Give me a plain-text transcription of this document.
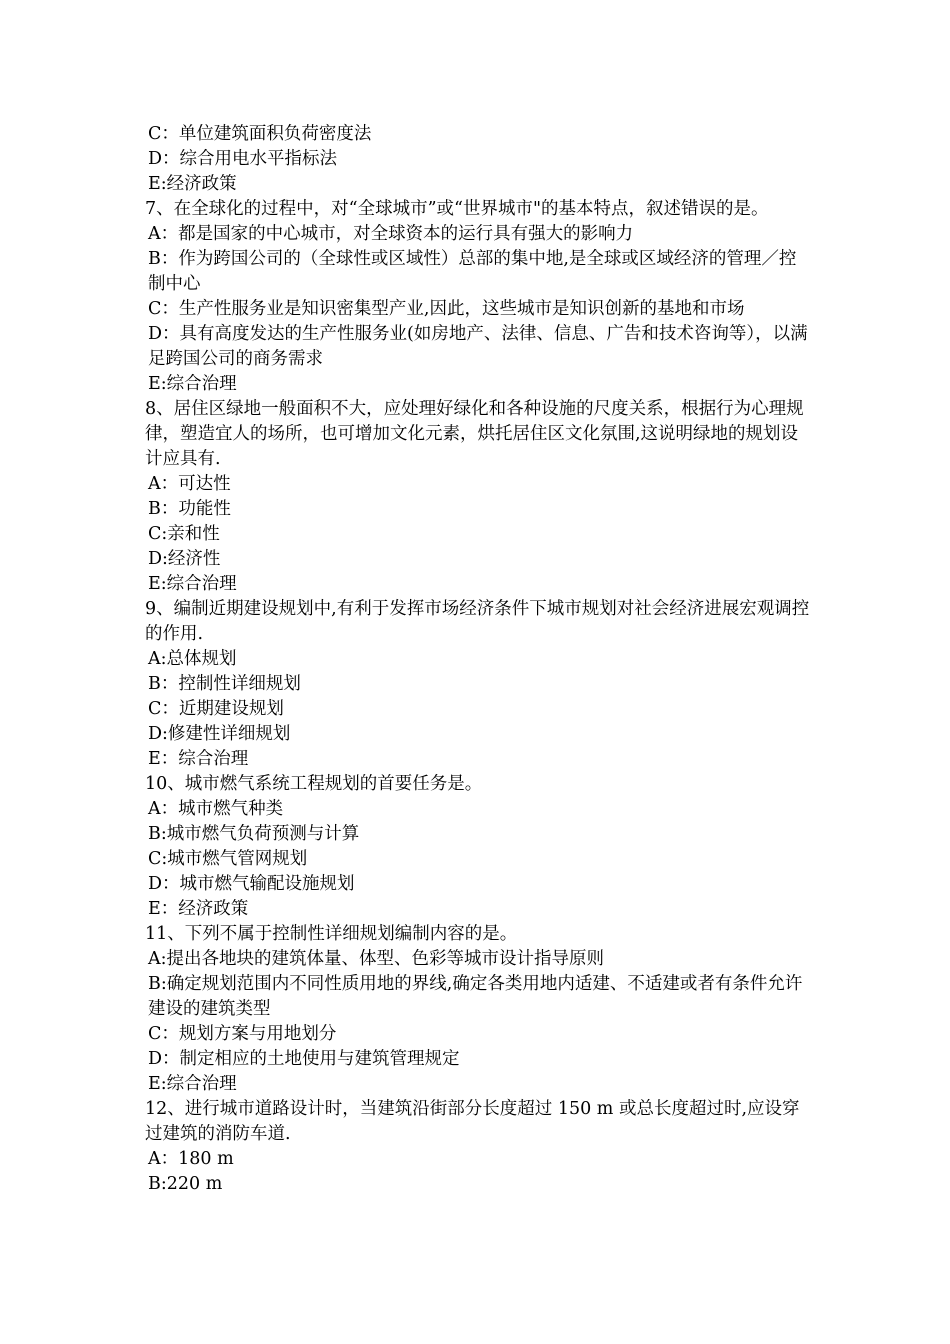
C：单位建筑面积负荷密度法
D：综合用电水平指标法
E:经济政策
7、在全球化的过程中，对“全球城市”或“世界城市"的基本特点，叙述错误的是。
A：都是国家的中心城市，对全球资本的运行具有强大的影响力
B：作为跨国公司的（全球性或区域性）总部的集中地,是全球或区域经济的管理／控制中心
C：生产性服务业是知识密集型产业,因此，这些城市是知识创新的基地和市场
D：具有高度发达的生产性服务业(如房地产、法律、信息、广告和技术咨询等），以满足跨国公司的商务需求
E:综合治理
8、居住区绿地一般面积不大，应处理好绿化和各种设施的尺度关系，根据行为心理规律，塑造宜人的场所，也可增加文化元素，烘托居住区文化氛围,这说明绿地的规划设计应具有.
A：可达性
B：功能性
C:亲和性
D:经济性
E:综合治理
9、编制近期建设规划中,有利于发挥市场经济条件下城市规划对社会经济进展宏观调控的作用.
A:总体规划
B：控制性详细规划
C：近期建设规划
D:修建性详细规划
E：综合治理
10、城市燃气系统工程规划的首要任务是。
A：城市燃气种类
B:城市燃气负荷预测与计算
C:城市燃气管网规划
D：城市燃气输配设施规划
E：经济政策
11、下列不属于控制性详细规划编制内容的是。
A:提出各地块的建筑体量、体型、色彩等城市设计指导原则
B:确定规划范围内不同性质用地的界线,确定各类用地内适建、不适建或者有条件允许建设的建筑类型
C：规划方案与用地划分
D：制定相应的土地使用与建筑管理规定
E:综合治理
12、进行城市道路设计时，当建筑沿街部分长度超过 150 m 或总长度超过时,应设穿过建筑的消防车道.
A：180 m
B:220 m
